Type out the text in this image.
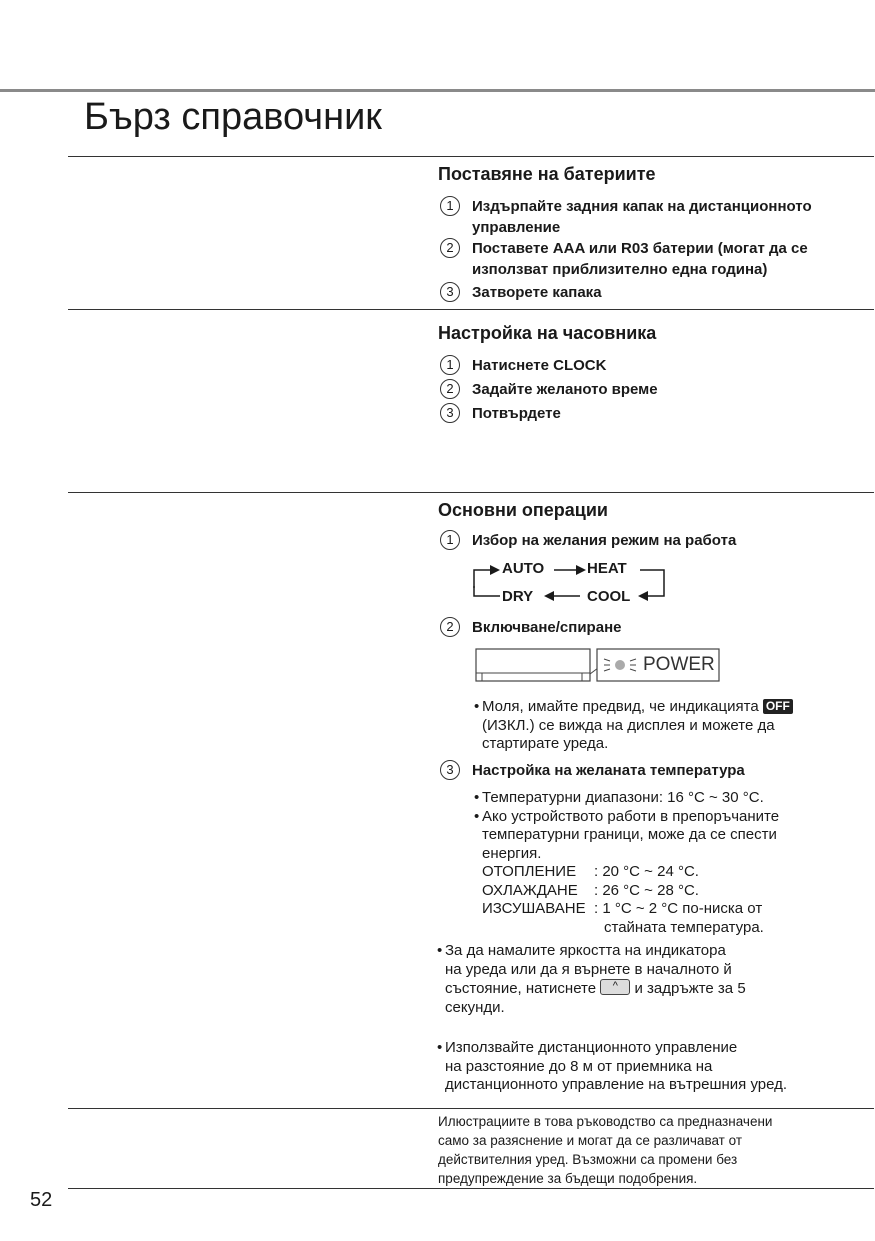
Бърз справочник
Поставяне на батериите
1	Издърпайте задния капак на дистанционното управление
2	Поставете AAA или R03 батерии (могат да се използват приблизително една година)
3	Затворете капака
Настройка на часовника
1	Натиснете CLOCK
2	Задайте желаното време
3	Потвърдете
Основни операции
1	Избор на желания режим на работа
AUTO	HEAT
DRY	COOL
2	Включване/спиране
POWER
• Моля, имайте предвид, че индикацията OFF
(ИЗКЛ.) се вижда на дисплея и можете да
стартирате уреда.
3	Настройка на желаната температура
• Температурни диапазони: 16 °C ~ 30 °C.
• Ако устройството работи в препоръчаните
температурни граници, може да се спести
енергия.
ОТОПЛЕНИЕ	: 20 °C ~ 24 °C.
ОХЛАЖДАНЕ	: 26 °C ~ 28 °C.
ИЗСУШАВАНЕ : 1 °C ~ 2 °C по-ниска от
стайната температура.
• За да намалите яркостта на индикатора
на уреда или да я върнете в началното й
състояние, натиснете	^	и задръжте за 5
секунди.
• Използвайте дистанционното управление
на разстояние до 8 м от приемника на
дистанционното управление на вътрешния уред.
Илюстрациите в това ръководство са предназначени
само за разяснение и могат да се различават от
действителния уред. Възможни са промени без
предупреждение за бъдещи подобрения.
52
